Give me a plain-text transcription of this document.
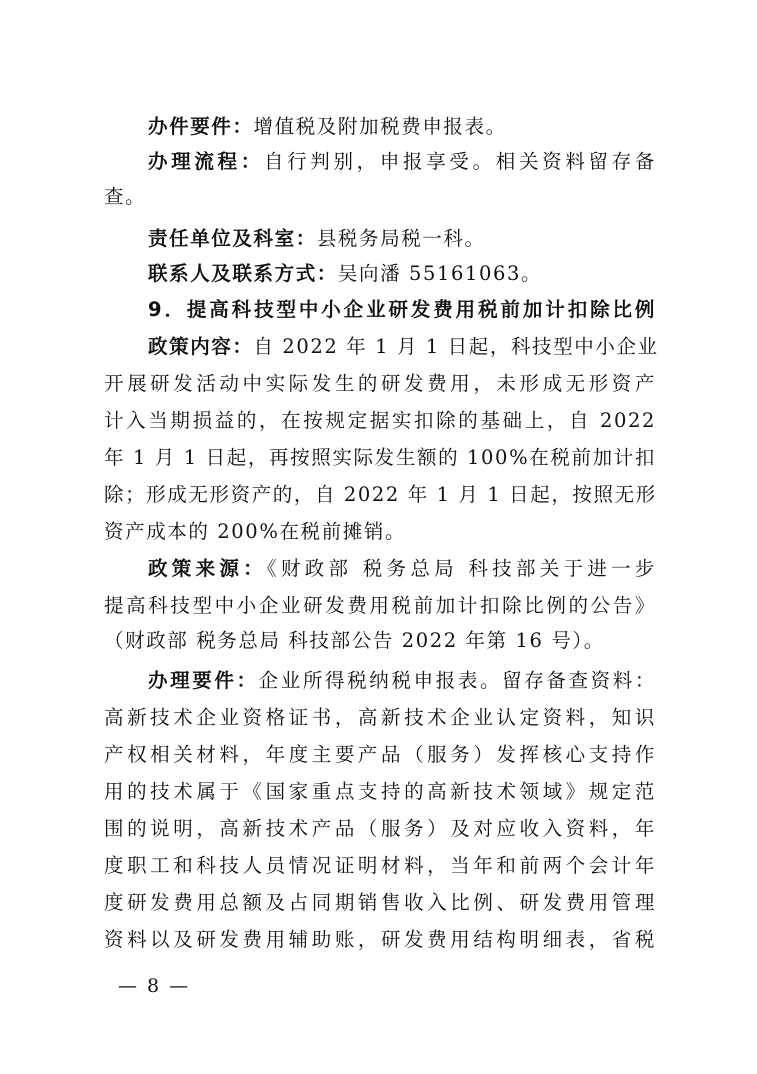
办件要件：增值税及附加税费申报表。
办理流程：自行判别，申报享受。相关资料留存备
查。
责任单位及科室：县税务局税一科。
联系人及联系方式：吴向潘 55161063。
9．提高科技型中小企业研发费用税前加计扣除比例
政策内容：自 2022 年 1 月 1 日起，科技型中小企业
开展研发活动中实际发生的研发费用，未形成无形资产
计入当期损益的，在按规定据实扣除的基础上，自 2022
年 1 月 1 日起，再按照实际发生额的 100%在税前加计扣
除；形成无形资产的，自 2022 年 1 月 1 日起，按照无形
资产成本的 200%在税前摊销。
政策来源：《财政部 税务总局 科技部关于进一步
提高科技型中小企业研发费用税前加计扣除比例的公告》
（财政部 税务总局 科技部公告 2022 年第 16 号）。
办理要件：企业所得税纳税申报表。留存备查资料：
高新技术企业资格证书，高新技术企业认定资料，知识
产权相关材料，年度主要产品（服务）发挥核心支持作
用的技术属于《国家重点支持的高新技术领域》规定范
围的说明，高新技术产品（服务）及对应收入资料，年
度职工和科技人员情况证明材料，当年和前两个会计年
度研发费用总额及占同期销售收入比例、研发费用管理
资料以及研发费用辅助账，研发费用结构明细表，省税
— 8 —
